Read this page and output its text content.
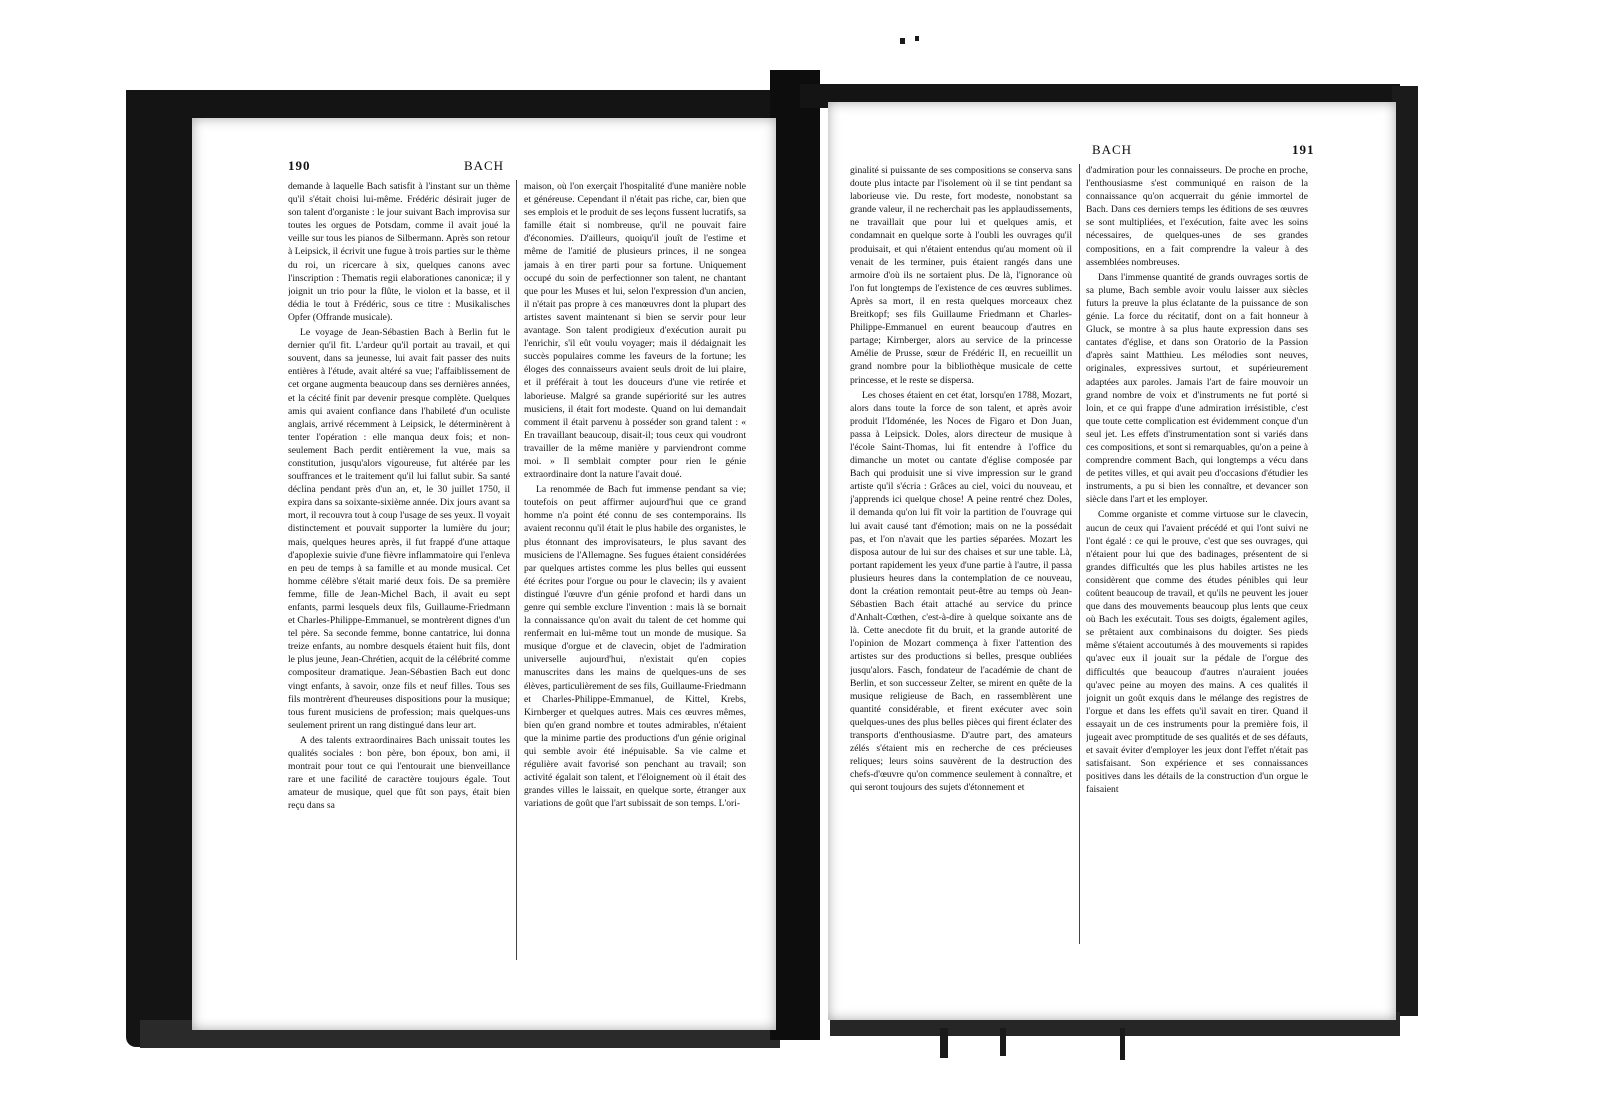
190	BACH

demande à laquelle Bach satisfit à l'instant sur un thème qu'il s'était choisi lui-même. Frédéric désirait juger de son talent d'organiste : le jour suivant Bach improvisa sur toutes les orgues de Potsdam, comme il avait joué la veille sur tous les pianos de Silbermann. Après son retour à Leipsick, il écrivit une fugue à trois parties sur le thème du roi, un ricercare à six, quelques canons avec l'inscription : Thematis regii elaborationes canonicæ; il y joignit un trio pour la flûte, le violon et la basse, et il dédia le tout à Frédéric, sous ce titre : Musikalisches Opfer (Offrande musicale).

Le voyage de Jean-Sébastien Bach à Berlin fut le dernier qu'il fit. L'ardeur qu'il portait au travail, et qui souvent, dans sa jeunesse, lui avait fait passer des nuits entières à l'étude, avait altéré sa vue; l'affaiblissement de cet organe augmenta beaucoup dans ses dernières années, et la cécité finit par devenir presque complète. Quelques amis qui avaient confiance dans l'habileté d'un oculiste anglais, arrivé récemment à Leipsick, le déterminèrent à tenter l'opération : elle manqua deux fois; et non-seulement Bach perdit entièrement la vue, mais sa constitution, jusqu'alors vigoureuse, fut altérée par les souffrances et le traitement qu'il lui fallut subir. Sa santé déclina pendant près d'un an, et, le 30 juillet 1750, il expira dans sa soixante-sixième année. Dix jours avant sa mort, il recouvra tout à coup l'usage de ses yeux. Il voyait distinctement et pouvait supporter la lumière du jour; mais, quelques heures après, il fut frappé d'une attaque d'apoplexie suivie d'une fièvre inflammatoire qui l'enleva en peu de temps à sa famille et au monde musical. Cet homme célèbre s'était marié deux fois. De sa première femme, fille de Jean-Michel Bach, il avait eu sept enfants, parmi lesquels deux fils, Guillaume-Friedmann et Charles-Philippe-Emmanuel, se montrèrent dignes d'un tel père. Sa seconde femme, bonne cantatrice, lui donna treize enfants, au nombre desquels étaient huit fils, dont le plus jeune, Jean-Chrétien, acquit de la célébrité comme compositeur dramatique. Jean-Sébastien Bach eut donc vingt enfants, à savoir, onze fils et neuf filles. Tous ses fils montrèrent d'heureuses dispositions pour la musique; tous furent musiciens de profession; mais quelques-uns seulement prirent un rang distingué dans leur art.

A des talents extraordinaires Bach unissait toutes les qualités sociales : bon père, bon époux, bon ami, il montrait pour tout ce qui l'entourait une bienveillance rare et une facilité de caractère toujours égale. Tout amateur de musique, quel que fût son pays, était bien reçu dans sa

maison, où l'on exerçait l'hospitalité d'une manière noble et généreuse. Cependant il n'était pas riche, car, bien que ses emplois et le produit de ses leçons fussent lucratifs, sa famille était si nombreuse, qu'il ne pouvait faire d'économies. D'ailleurs, quoiqu'il jouît de l'estime et même de l'amitié de plusieurs princes, il ne songea jamais à en tirer parti pour sa fortune. Uniquement occupé du soin de perfectionner son talent, ne chantant que pour les Muses et lui, selon l'expression d'un ancien, il n'était pas propre à ces manœuvres dont la plupart des artistes savent maintenant si bien se servir pour leur avantage. Son talent prodigieux d'exécution aurait pu l'enrichir, s'il eût voulu voyager; mais il dédaignait les succès populaires comme les faveurs de la fortune; les éloges des connaisseurs avaient seuls droit de lui plaire, et il préférait à tout les douceurs d'une vie retirée et laborieuse. Malgré sa grande supériorité sur les autres musiciens, il était fort modeste. Quand on lui demandait comment il était parvenu à posséder son grand talent : « En travaillant beaucoup, disait-il; tous ceux qui voudront travailler de la même manière y parviendront comme moi. » Il semblait compter pour rien le génie extraordinaire dont la nature l'avait doué.

La renommée de Bach fut immense pendant sa vie; toutefois on peut affirmer aujourd'hui que ce grand homme n'a point été connu de ses contemporains. Ils avaient reconnu qu'il était le plus habile des organistes, le plus étonnant des improvisateurs, le plus savant des musiciens de l'Allemagne. Ses fugues étaient considérées par quelques artistes comme les plus belles qui eussent été écrites pour l'orgue ou pour le clavecin; ils y avaient distingué l'œuvre d'un génie profond et hardi dans un genre qui semble exclure l'invention : mais là se bornait la connaissance qu'on avait du talent de cet homme qui renfermait en lui-même tout un monde de musique. Sa musique d'orgue et de clavecin, objet de l'admiration universelle aujourd'hui, n'existait qu'en copies manuscrites dans les mains de quelques-uns de ses élèves, particulièrement de ses fils, Guillaume-Friedmann et Charles-Philippe-Emmanuel, de Kittel, Krebs, Kirnberger et quelques autres. Mais ces œuvres mêmes, bien qu'en grand nombre et toutes admirables, n'étaient que la minime partie des productions d'un génie original qui semble avoir été inépuisable. Sa vie calme et régulière avait favorisé son penchant au travail; son activité égalait son talent, et l'éloignement où il était des grandes villes le laissait, en quelque sorte, étranger aux variations de goût que l'art subissait de son temps. L'ori-

BACH	191

ginalité si puissante de ses compositions se conserva sans doute plus intacte par l'isolement où il se tint pendant sa laborieuse vie. Du reste, fort modeste, nonobstant sa grande valeur, il ne recherchait pas les applaudissements, ne travaillait que pour lui et quelques amis, et condamnait en quelque sorte à l'oubli les ouvrages qu'il produisait, et qui n'étaient entendus qu'au moment où il venait de les terminer, puis étaient rangés dans une armoire d'où ils ne sortaient plus. De là, l'ignorance où l'on fut longtemps de l'existence de ces œuvres sublimes. Après sa mort, il en resta quelques morceaux chez Breitkopf; ses fils Guillaume Friedmann et Charles-Philippe-Emmanuel en eurent beaucoup d'autres en partage; Kirnberger, alors au service de la princesse Amélie de Prusse, sœur de Frédéric II, en recueillit un grand nombre pour la bibliothèque musicale de cette princesse, et le reste se dispersa.

Les choses étaient en cet état, lorsqu'en 1788, Mozart, alors dans toute la force de son talent, et après avoir produit l'Idoménée, les Noces de Figaro et Don Juan, passa à Leipsick. Doles, alors directeur de musique à l'école Saint-Thomas, lui fit entendre à l'office du dimanche un motet ou cantate d'église composée par Bach qui produisit une si vive impression sur le grand artiste qu'il s'écria : Grâces au ciel, voici du nouveau, et j'apprends ici quelque chose! A peine rentré chez Doles, il demanda qu'on lui fît voir la partition de l'ouvrage qui lui avait causé tant d'émotion; mais on ne la possédait pas, et l'on n'avait que les parties séparées. Mozart les disposa autour de lui sur des chaises et sur une table. Là, portant rapidement les yeux d'une partie à l'autre, il passa plusieurs heures dans la contemplation de ce nouveau, dont la création remontait peut-être au temps où Jean-Sébastien Bach était attaché au service du prince d'Anhalt-Cœthen, c'est-à-dire à quelque soixante ans de là. Cette anecdote fit du bruit, et la grande autorité de l'opinion de Mozart commença à fixer l'attention des artistes sur des productions si belles, presque oubliées jusqu'alors. Fasch, fondateur de l'académie de chant de Berlin, et son successeur Zelter, se mirent en quête de la musique religieuse de Bach, en rassemblèrent une quantité considérable, et firent exécuter avec soin quelques-unes des plus belles pièces qui firent éclater des transports d'enthousiasme. D'autre part, des amateurs zélés s'étaient mis en recherche de ces précieuses reliques; leurs soins sauvèrent de la destruction des chefs-d'œuvre qu'on commence seulement à connaître, et qui seront toujours des sujets d'étonnement et

d'admiration pour les connaisseurs. De proche en proche, l'enthousiasme s'est communiqué en raison de la connaissance qu'on acquerrait du génie immortel de Bach. Dans ces derniers temps les éditions de ses œuvres se sont multipliées, et l'exécution, faite avec les soins nécessaires, de quelques-unes de ses grandes compositions, en a fait comprendre la valeur à des assemblées nombreuses.

Dans l'immense quantité de grands ouvrages sortis de sa plume, Bach semble avoir voulu laisser aux siècles futurs la preuve la plus éclatante de la puissance de son génie. La force du récitatif, dont on a fait honneur à Gluck, se montre à sa plus haute expression dans ses cantates d'église, et dans son Oratorio de la Passion d'après saint Matthieu. Les mélodies sont neuves, originales, expressives surtout, et supérieurement adaptées aux paroles. Jamais l'art de faire mouvoir un grand nombre de voix et d'instruments ne fut porté si loin, et ce qui frappe d'une admiration irrésistible, c'est que toute cette complication est évidemment conçue d'un seul jet. Les effets d'instrumentation sont si variés dans ces compositions, et sont si remarquables, qu'on a peine à comprendre comment Bach, qui longtemps a vécu dans de petites villes, et qui avait peu d'occasions d'étudier les instruments, a pu si bien les connaître, et devancer son siècle dans l'art et les employer.

Comme organiste et comme virtuose sur le clavecin, aucun de ceux qui l'avaient précédé et qui l'ont suivi ne l'ont égalé : ce qui le prouve, c'est que ses ouvrages, qui n'étaient pour lui que des badinages, présentent de si grandes difficultés que les plus habiles artistes ne les considèrent que comme des études pénibles qui leur coûtent beaucoup de travail, et qu'ils ne peuvent les jouer que dans des mouvements beaucoup plus lents que ceux où Bach les exécutait. Tous ses doigts, également agiles, se prêtaient aux combinaisons du doigter. Ses pieds même s'étaient accoutumés à des mouvements si rapides qu'avec eux il jouait sur la pédale de l'orgue des difficultés que beaucoup d'autres n'auraient jouées qu'avec peine au moyen des mains. A ces qualités il joignit un goût exquis dans le mélange des registres de l'orgue et dans les effets qu'il savait en tirer. Quand il essayait un de ces instruments pour la première fois, il jugeait avec promptitude de ses qualités et de ses défauts, et savait éviter d'employer les jeux dont l'effet n'était pas satisfaisant. Son expérience et ses connaissances positives dans les détails de la construction d'un orgue le faisaient
